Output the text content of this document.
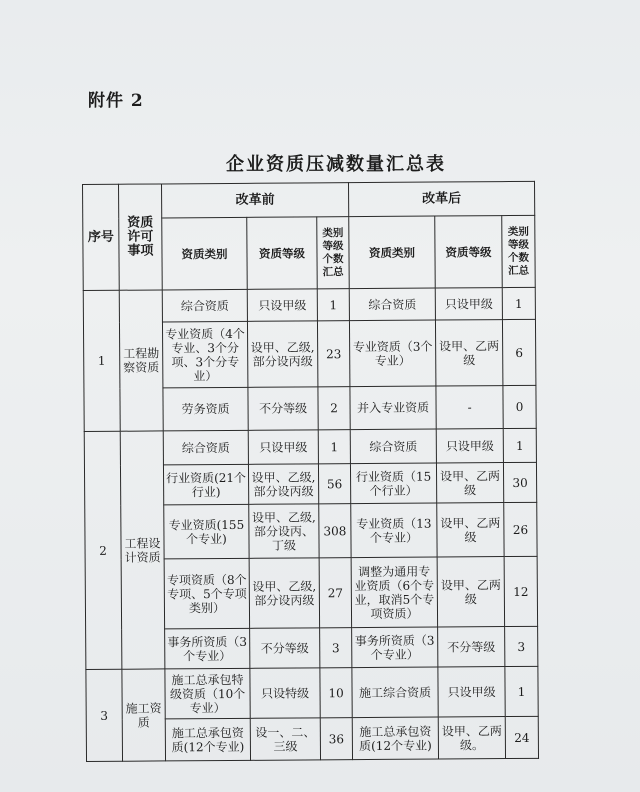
附件 2
企业资质压减数量汇总表
序号	资质许可事项	改革前			改革后		
		资质类别	资质等级	类别等级个数汇总	资质类别	资质等级	类别等级个数汇总
1	工程勘察资质	综合资质	只设甲级	1	综合资质	只设甲级	1
		专业资质（4个专业、3个分项、3个分专业）	设甲、乙级,部分设丙级	23	专业资质（3个专业）	设甲、乙两级	6
		劳务资质	不分等级	2	并入专业资质	-	0
2	工程设计资质	综合资质	只设甲级	1	综合资质	只设甲级	1
		行业资质(21个行业)	设甲、乙级,部分设丙级	56	行业资质（15个行业）	设甲、乙两级	30
		专业资质(155个专业)	设甲、乙级,部分设丙、丁级	308	专业资质（13个专业）	设甲、乙两级	26
		专项资质（8个专项、5个专项类别）	设甲、乙级,部分设丙级	27	调整为通用专业资质（6个专业，取消5个专项资质）	设甲、乙两级	12
		事务所资质（3个专业）	不分等级	3	事务所资质（3个专业）	不分等级	3
3	施工资质	施工总承包特级资质（10个专业）	只设特级	10	施工综合资质	只设甲级	1
		施工总承包资质(12个专业)	设一、二、三级	36	施工总承包资质(12个专业)	设甲、乙两级。	24
